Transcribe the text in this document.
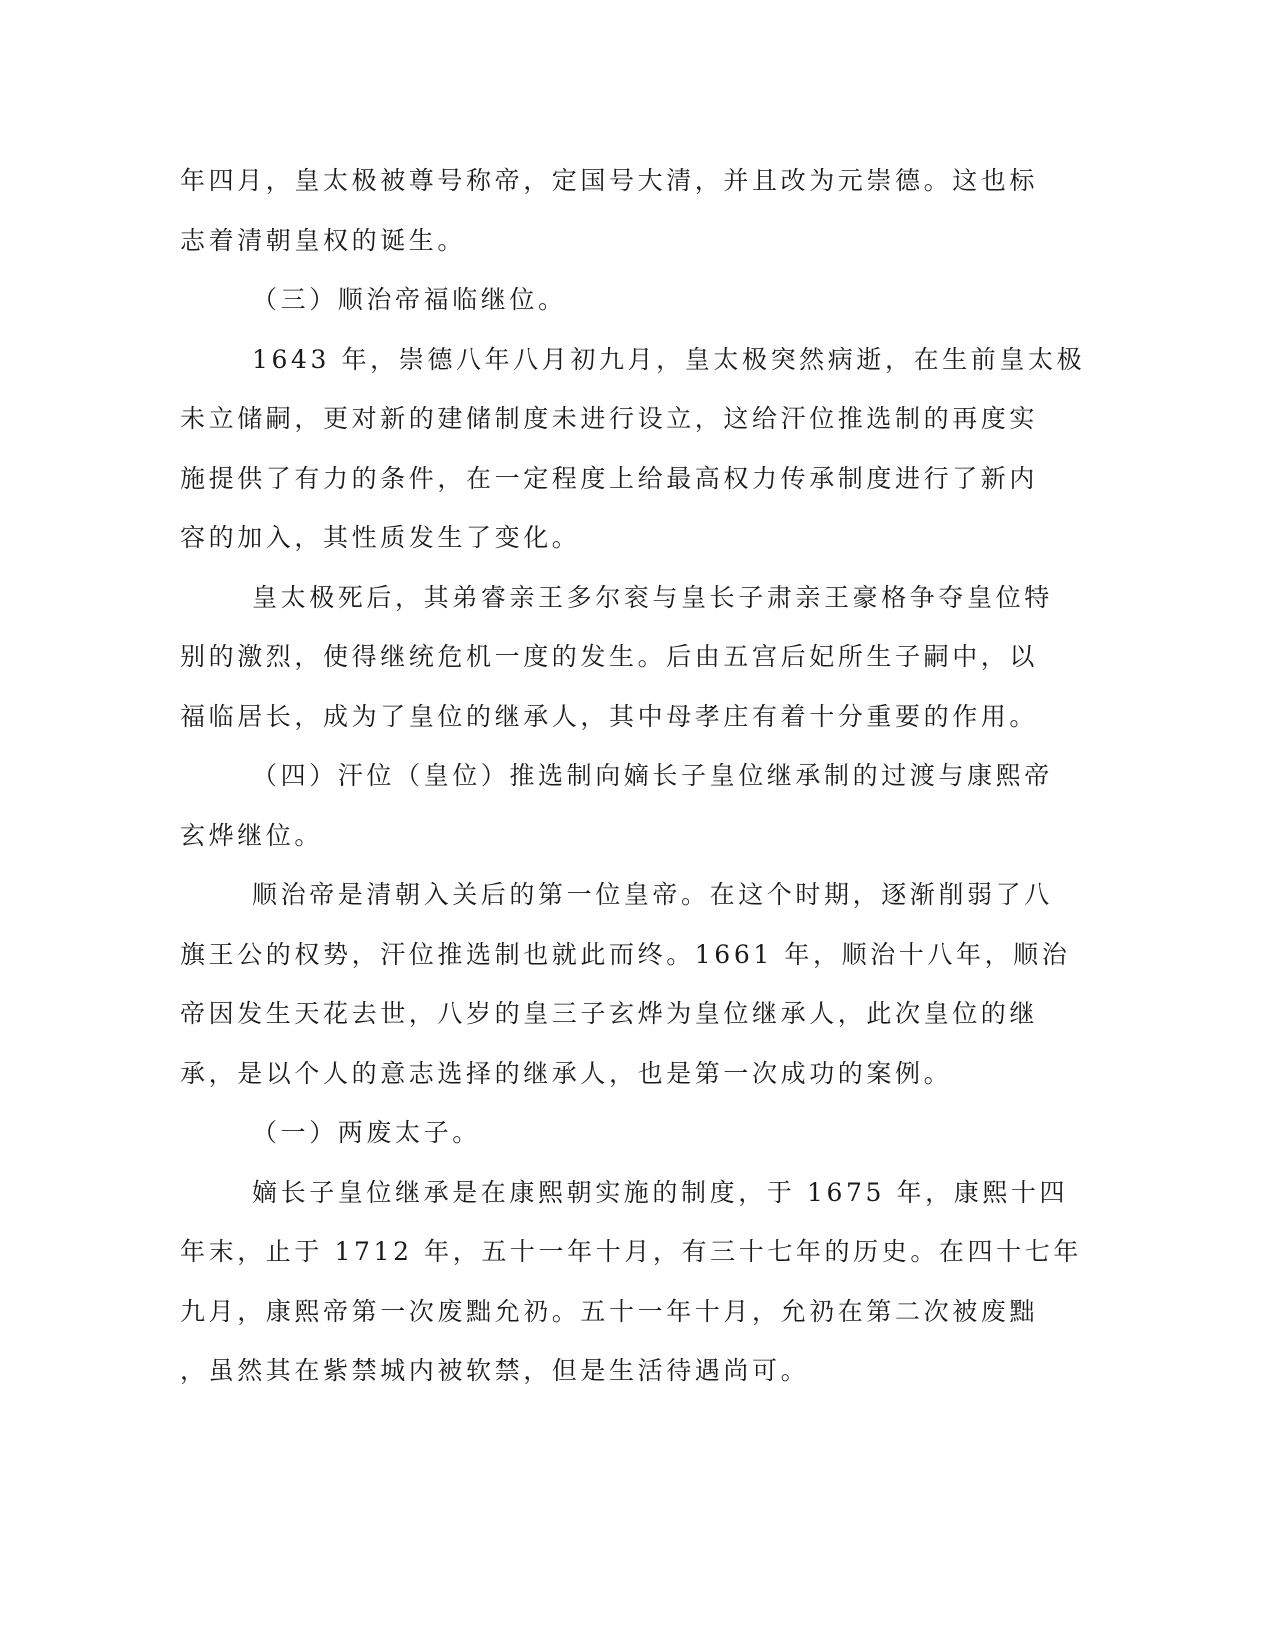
年四月，皇太极被尊号称帝，定国号大清，并且改为元崇德。这也标
志着清朝皇权的诞生。
（三）顺治帝福临继位。
1643 年，崇德八年八月初九月，皇太极突然病逝，在生前皇太极
未立储嗣，更对新的建储制度未进行设立，这给汗位推选制的再度实
施提供了有力的条件，在一定程度上给最高权力传承制度进行了新内
容的加入，其性质发生了变化。
皇太极死后，其弟睿亲王多尔衮与皇长子肃亲王豪格争夺皇位特
别的激烈，使得继统危机一度的发生。后由五宫后妃所生子嗣中，以
福临居长，成为了皇位的继承人，其中母孝庄有着十分重要的作用。
（四）汗位（皇位）推选制向嫡长子皇位继承制的过渡与康熙帝
玄烨继位。
顺治帝是清朝入关后的第一位皇帝。在这个时期，逐渐削弱了八
旗王公的权势，汗位推选制也就此而终。1661 年，顺治十八年，顺治
帝因发生天花去世，八岁的皇三子玄烨为皇位继承人，此次皇位的继
承，是以个人的意志选择的继承人，也是第一次成功的案例。
（一）两废太子。
嫡长子皇位继承是在康熙朝实施的制度，于 1675 年，康熙十四
年末，止于 1712 年，五十一年十月，有三十七年的历史。在四十七年
九月，康熙帝第一次废黜允礽。五十一年十月，允礽在第二次被废黜
，虽然其在紫禁城内被软禁，但是生活待遇尚可。
